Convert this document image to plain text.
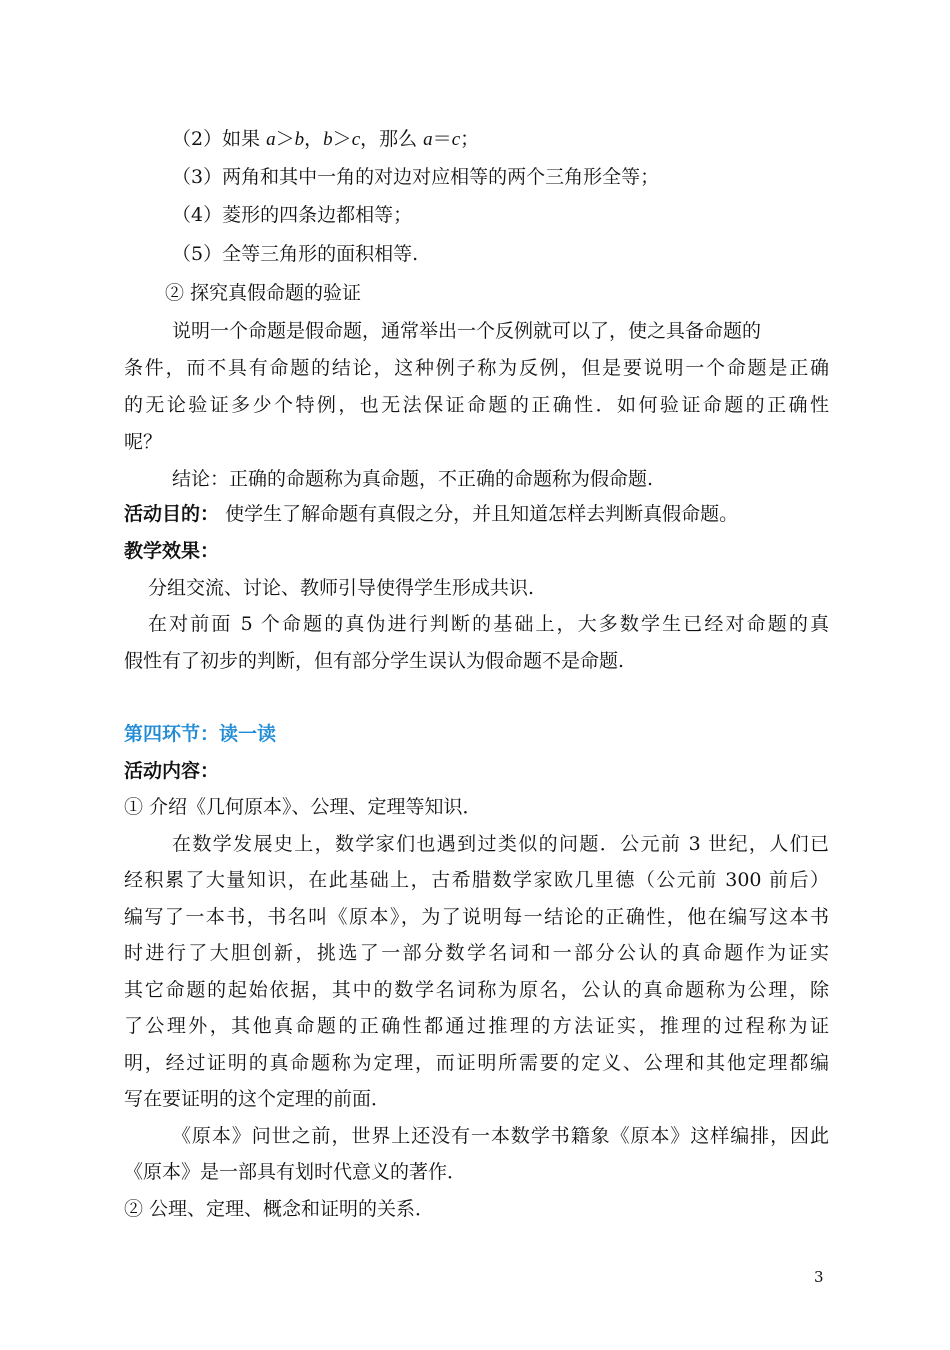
（2）如果 a＞b，b＞c，那么 a＝c；
（3）两角和其中一角的对边对应相等的两个三角形全等；
（4）菱形的四条边都相等；
（5）全等三角形的面积相等.
② 探究真假命题的验证
说明一个命题是假命题，通常举出一个反例就可以了，使之具备命题的
条件，而不具有命题的结论，这种例子称为反例，但是要说明一个命题是正确
的无论验证多少个特例，也无法保证命题的正确性．如何验证命题的正确性
呢？
结论：正确的命题称为真命题，不正确的命题称为假命题.
活动目的： 使学生了解命题有真假之分，并且知道怎样去判断真假命题。
教学效果：
分组交流、讨论、教师引导使得学生形成共识.
在对前面 5 个命题的真伪进行判断的基础上，大多数学生已经对命题的真
假性有了初步的判断，但有部分学生误认为假命题不是命题.
第四环节：读一读
活动内容：
① 介绍《几何原本》、公理、定理等知识．
在数学发展史上，数学家们也遇到过类似的问题．公元前 3 世纪，人们已
经积累了大量知识，在此基础上，古希腊数学家欧几里德（公元前 300 前后）
编写了一本书，书名叫《原本》，为了说明每一结论的正确性，他在编写这本书
时进行了大胆创新，挑选了一部分数学名词和一部分公认的真命题作为证实
其它命题的起始依据，其中的数学名词称为原名，公认的真命题称为公理，除
了公理外，其他真命题的正确性都通过推理的方法证实，推理的过程称为证
明，经过证明的真命题称为定理，而证明所需要的定义、公理和其他定理都编
写在要证明的这个定理的前面．
《原本》问世之前，世界上还没有一本数学书籍象《原本》这样编排，因此
《原本》是一部具有划时代意义的著作．
② 公理、定理、概念和证明的关系．
3
